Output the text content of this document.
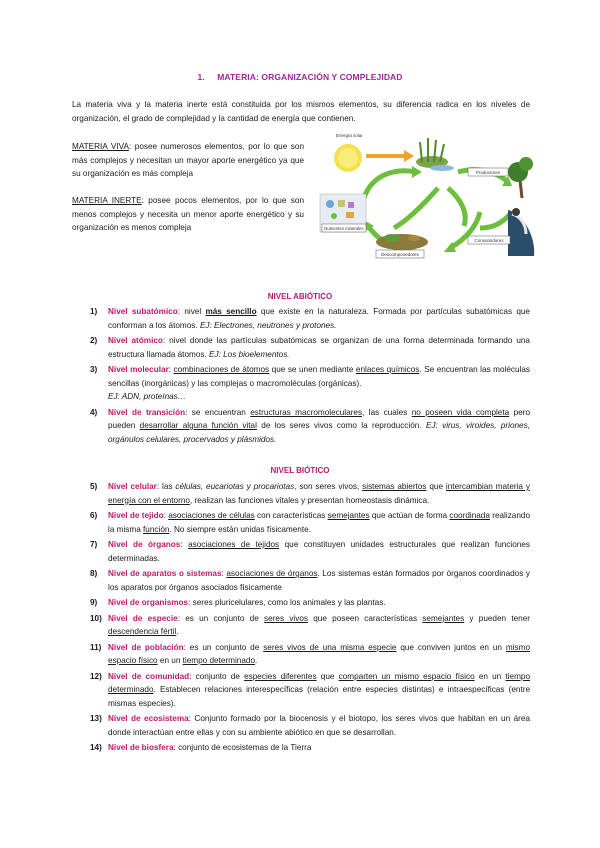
1. MATERIA: ORGANIZACIÓN Y COMPLEJIDAD
La materia viva y la materia inerte está constituida por los mismos elementos, su diferencia radica en los niveles de organización, el grado de complejidad y la cantidad de energía que contienen.
MATERIA VIVA: posee numerosos elementos, por lo que son más complejos y necesitan un mayor aporte energético ya que su organización es más compleja
MATERIA INERTE: posee pocos elementos, por lo que son menos complejos y necesita un menor aporte energético y su organización es menos compleja
Energía solar
Productores
Nutrientes minerales
Descomponedores
Consumidores
NIVEL ABIÓTICO
1) Nivel subatómico: nivel más sencillo que existe en la naturaleza. Formada por partículas subatómicas que conforman a los átomos. EJ: Electrones, neutrones y protones.
2) Nivel atómico: nivel donde las partículas subatómicas se organizan de una forma determinada formando una estructura llamada átomos. EJ: Los bioelementos.
3) Nivel molecular: combinaciones de átomos que se unen mediante enlaces químicos. Se encuentran las moléculas sencillas (inorgánicas) y las complejas o macromoléculas (orgánicas).
EJ: ADN, proteínas…
4) Nivel de transición: se encuentran estructuras macromoleculares, las cuales no poseen vida completa pero pueden desarrollar alguna función vital de los seres vivos como la reproducción. EJ: virus, viroides, priones, orgánulos celulares, procervados y plásmidos.
NIVEL BIÓTICO
5) Nivel celular: las células, eucariotas y procariotas, son seres vivos, sistemas abiertos que intercambian materia y energía con el entorno, realizan las funciones vitales y presentan homeostasis dinámica.
6) Nivel de tejido: asociaciones de células con características semejantes que actúan de forma coordinada realizando la misma función. No siempre están unidas físicamente.
7) Nivel de órganos: asociaciones de tejidos que constituyen unidades estructurales que realizan funciones determinadas.
8) Nivel de aparatos o sistemas: asociaciones de órganos. Los sistemas están formados por órganos coordinados y los aparatos por órganos asociados físicamente
9) Nivel de organismos: seres pluricelulares, como los animales y las plantas.
10) Nivel de especie: es un conjunto de seres vivos que poseen características semejantes y pueden tener descendencia fértil.
11) Nivel de población: es un conjunto de seres vivos de una misma especie que conviven juntos en un mismo espacio físico en un tiempo determinado.
12) Nivel de comunidad: conjunto de especies diferentes que comparten un mismo espacio físico en un tiempo determinado. Establecen relaciones interespecíficas (relación entre especies distintas) e intraespecíficas (entre mismas especies).
13) Nivel de ecosistema: Conjunto formado por la biocenosis y el biotopo, los seres vivos que habitan en un área donde interactúan entre ellas y con su ambiente abiótico en que se desarrollan.
14) Nivel de biosfera: conjunto de ecosistemas de la Tierra
